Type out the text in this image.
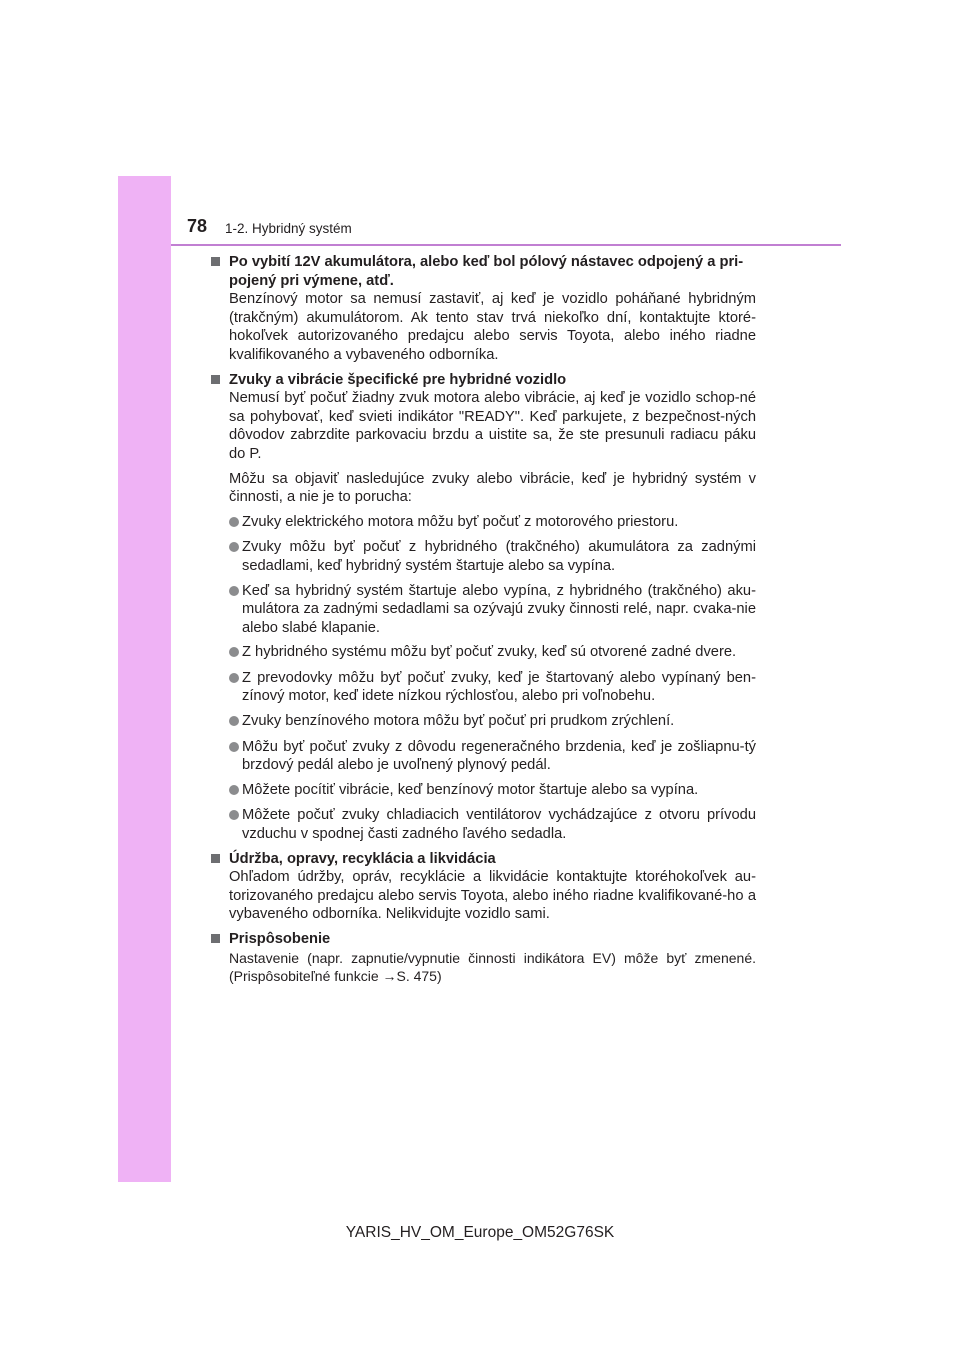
78 1-2. Hybridný systém
Po vybití 12V akumulátora, alebo keď bol pólový nástavec odpojený a pri-pojený pri výmene, atď.
Benzínový motor sa nemusí zastaviť, aj keď je vozidlo poháňané hybridným (trakčným) akumulátorom. Ak tento stav trvá niekoľko dní, kontaktujte ktoré-hokoľvek autorizovaného predajcu alebo servis Toyota, alebo iného riadne kvalifikovaného a vybaveného odborníka.
Zvuky a vibrácie špecifické pre hybridné vozidlo
Nemusí byť počuť žiadny zvuk motora alebo vibrácie, aj keď je vozidlo schop-né sa pohybovať, keď svieti indikátor "READY". Keď parkujete, z bezpečnost-ných dôvodov zabrzdite parkovaciu brzdu a uistite sa, že ste presunuli radiacu páku do P.
Môžu sa objaviť nasledujúce zvuky alebo vibrácie, keď je hybridný systém v činnosti, a nie je to porucha:
Zvuky elektrického motora môžu byť počuť z motorového priestoru.
Zvuky môžu byť počuť z hybridného (trakčného) akumulátora za zadnými sedadlami, keď hybridný systém štartuje alebo sa vypína.
Keď sa hybridný systém štartuje alebo vypína, z hybridného (trakčného) aku-mulátora za zadnými sedadlami sa ozývajú zvuky činnosti relé, napr. cvaka-nie alebo slabé klapanie.
Z hybridného systému môžu byť počuť zvuky, keď sú otvorené zadné dvere.
Z prevodovky môžu byť počuť zvuky, keď je štartovaný alebo vypínaný ben-zínový motor, keď idete nízkou rýchlosťou, alebo pri voľnobehu.
Zvuky benzínového motora môžu byť počuť pri prudkom zrýchlení.
Môžu byť počuť zvuky z dôvodu regeneračného brzdenia, keď je zošliapnu-tý brzdový pedál alebo je uvoľnený plynový pedál.
Môžete pocítiť vibrácie, keď benzínový motor štartuje alebo sa vypína.
Môžete počuť zvuky chladiacich ventilátorov vychádzajúce z otvoru prívodu vzduchu v spodnej časti zadného ľavého sedadla.
Údržba, opravy, recyklácia a likvidácia
Ohľadom údržby, opráv, recyklácie a likvidácie kontaktujte ktoréhokoľvek au-torizovaného predajcu alebo servis Toyota, alebo iného riadne kvalifikované-ho a vybaveného odborníka. Nelikvidujte vozidlo sami.
Prispôsobenie
Nastavenie (napr. zapnutie/vypnutie činnosti indikátora EV) môže byť zmenené. (Prispôsobiteľné funkcie →S. 475)
YARIS_HV_OM_Europe_OM52G76SK
